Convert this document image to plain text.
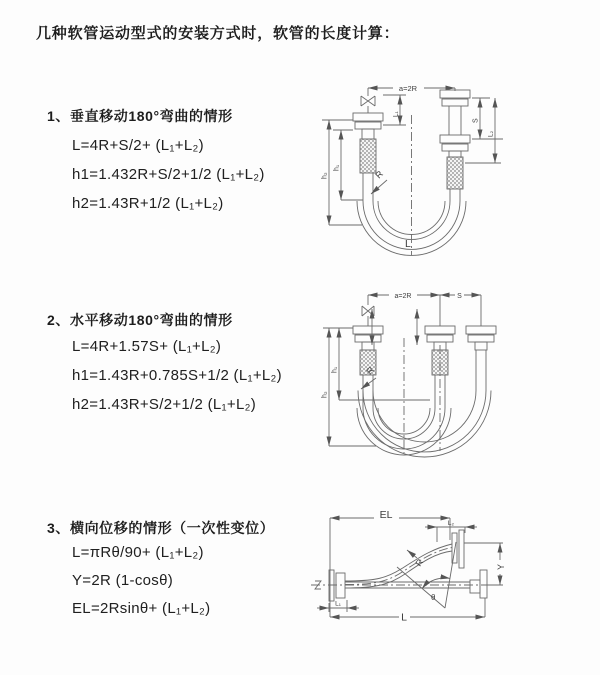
几种软管运动型式的安装方式时，软管的长度计算：
1、垂直移动180°弯曲的情形
L=4R+S/2+ (L₁+L₂)
h1=1.432R+S/2+1/2 (L₁+L₂)
h2=1.43R+1/2 (L₁+L₂)
a=2R
L₁
S
L₂
h₁
h₂	R
L
2、水平移动180°弯曲的情形
L=4R+1.57S+ (L₁+L₂)
h1=1.43R+0.785S+1/2 (L₁+L₂)
h2=1.43R+S/2+1/2 (L₁+L₂)
a=2R	S
h₁
h₂
R
3、横向位移的情形（一次性变位）
L=πRθ/90+ (L₁+L₂)
Y=2R (1-cosθ)
EL=2Rsinθ+ (L₁+L₂)
EL
L₂
Y
R
θ
L₁
L
